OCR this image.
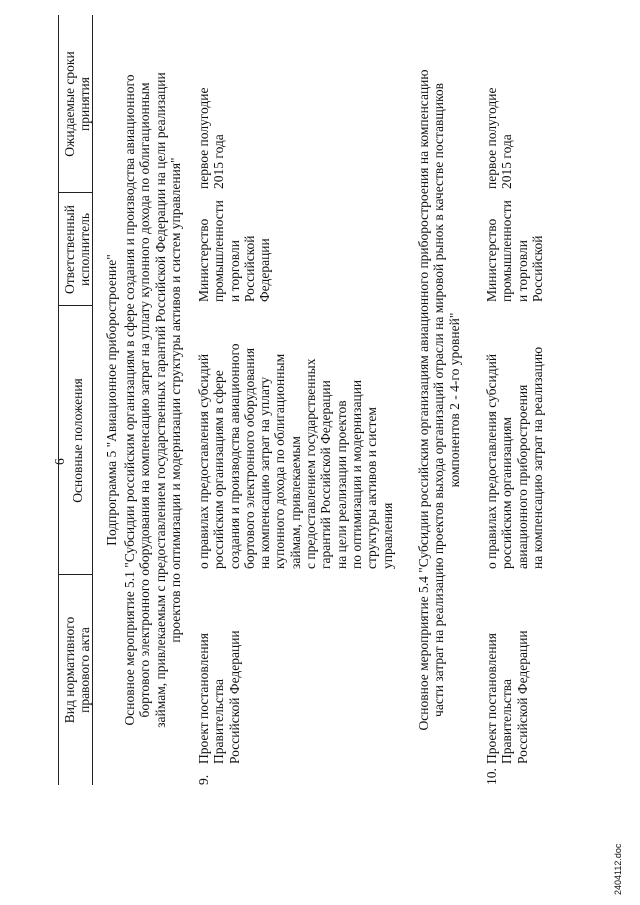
6
Вид нормативного правового акта
Основные положения
Ответственный исполнитель
Ожидаемые сроки принятия
Подпрограмма 5 "Авиационное приборостроение" Основное мероприятие 5.1 "Субсидии российским организациям в сфере создания и производства авиационного бортового электронного оборудования на компенсацию затрат на уплату купонного дохода по облигационным займам, привлекаемым с предоставлением государственных гарантий Российской Федерации на цели реализации проектов по оптимизации и модернизации структуры активов и систем управления"
9.
Проект постановления Правительства Российской Федерации
о правилах предоставления субсидий российским организациям в сфере создания и производства авиационного бортового электронного оборудования на компенсацию затрат на уплату купонного дохода по облигационным займам, привлекаемым с предоставлением государственных гарантий Российской Федерации на цели реализации проектов по оптимизации и модернизации структуры активов и систем управления
Министерство промышленности и торговли Российской Федерации
первое полугодие 2015 года	Основное мероприятие 5.4 "Субсидии российским организациям авиационного приборостроения на компенсацию части затрат на реализацию проектов выхода организаций отрасли на мировой рынок в качестве поставщиков компонентов 2 - 4-го уровней"
10.
Проект постановления Правительства Российской Федерации
о правилах предоставления субсидий российским организациям авиационного приборостроения на компенсацию затрат на реализацию
Министерство промышленности и торговли Российской
первое полугодие 2015 года
2404112.doc
